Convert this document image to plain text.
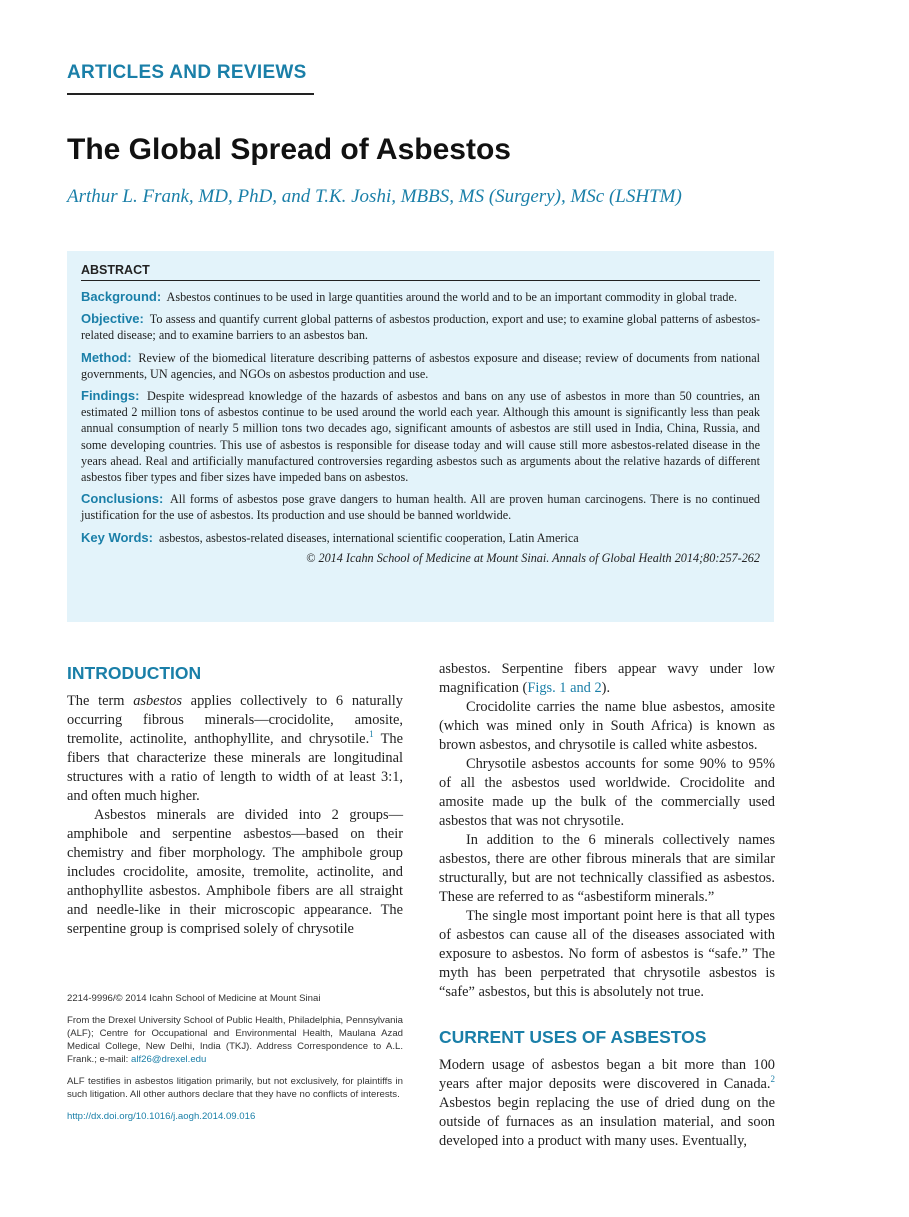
ARTICLES AND REVIEWS
The Global Spread of Asbestos
Arthur L. Frank, MD, PhD, and T.K. Joshi, MBBS, MS (Surgery), MSc (LSHTM)
ABSTRACT

Background: Asbestos continues to be used in large quantities around the world and to be an important commodity in global trade.

Objective: To assess and quantify current global patterns of asbestos production, export and use; to examine global patterns of asbestos-related disease; and to examine barriers to an asbestos ban.

Method: Review of the biomedical literature describing patterns of asbestos exposure and disease; review of documents from national governments, UN agencies, and NGOs on asbestos production and use.

Findings: Despite widespread knowledge of the hazards of asbestos and bans on any use of asbestos in more than 50 countries, an estimated 2 million tons of asbestos continue to be used around the world each year. Although this amount is significantly less than peak annual consumption of nearly 5 million tons two decades ago, significant amounts of asbestos are still used in India, China, Russia, and some developing countries. This use of asbestos is responsible for disease today and will cause still more asbestos-related disease in the years ahead. Real and artificially manufactured controversies regarding asbestos such as arguments about the relative hazards of different asbestos fiber types and fiber sizes have impeded bans on asbestos.

Conclusions: All forms of asbestos pose grave dangers to human health. All are proven human carcinogens. There is no continued justification for the use of asbestos. Its production and use should be banned worldwide.

Key Words: asbestos, asbestos-related diseases, international scientific cooperation, Latin America

© 2014 Icahn School of Medicine at Mount Sinai. Annals of Global Health 2014;80:257-262
INTRODUCTION

The term asbestos applies collectively to 6 naturally occurring fibrous minerals—crocidolite, amosite, tremolite, actinolite, anthophyllite, and chrysotile.$^1$ The fibers that characterize these minerals are longitudinal structures with a ratio of length to width of at least 3:1, and often much higher.

Asbestos minerals are divided into 2 groups—amphibole and serpentine asbestos—based on their chemistry and fiber morphology. The amphibole group includes crocidolite, amosite, tremolite, actinolite, and anthophyllite asbestos. Amphibole fibers are all straight and needle-like in their microscopic appearance. The serpentine group is comprised solely of chrysotile

asbestos. Serpentine fibers appear wavy under low magnification (Figs. 1 and 2).

Crocidolite carries the name blue asbestos, amosite (which was mined only in South Africa) is known as brown asbestos, and chrysotile is called white asbestos.

Chrysotile asbestos accounts for some 90% to 95% of all the asbestos used worldwide. Crocidolite and amosite made up the bulk of the commercially used asbestos that was not chrysotile.

In addition to the 6 minerals collectively names asbestos, there are other fibrous minerals that are similar structurally, but are not technically classified as asbestos. These are referred to as “asbestiform minerals.”

The single most important point here is that all types of asbestos can cause all of the diseases associated with exposure to asbestos. No form of asbestos is “safe.” The myth has been perpetrated that chrysotile asbestos is “safe” asbestos, but this is absolutely not true.

CURRENT USES OF ASBESTOS

Modern usage of asbestos began a bit more than 100 years after major deposits were discovered in Canada.$^2$ Asbestos begin replacing the use of dried dung on the outside of furnaces as an insulation material, and soon developed into a product with many uses. Eventually,

2214-9996/© 2014 Icahn School of Medicine at Mount Sinai

From the Drexel University School of Public Health, Philadelphia, Pennsylvania (ALF); Centre for Occupational and Environmental Health, Maulana Azad Medical College, New Delhi, India (TKJ). Address Correspondence to A.L. Frank.; e-mail: alf26@drexel.edu

ALF testifies in asbestos litigation primarily, but not exclusively, for plaintiffs in such litigation. All other authors declare that they have no conflicts of interests.

http://dx.doi.org/10.1016/j.aogh.2014.09.016
